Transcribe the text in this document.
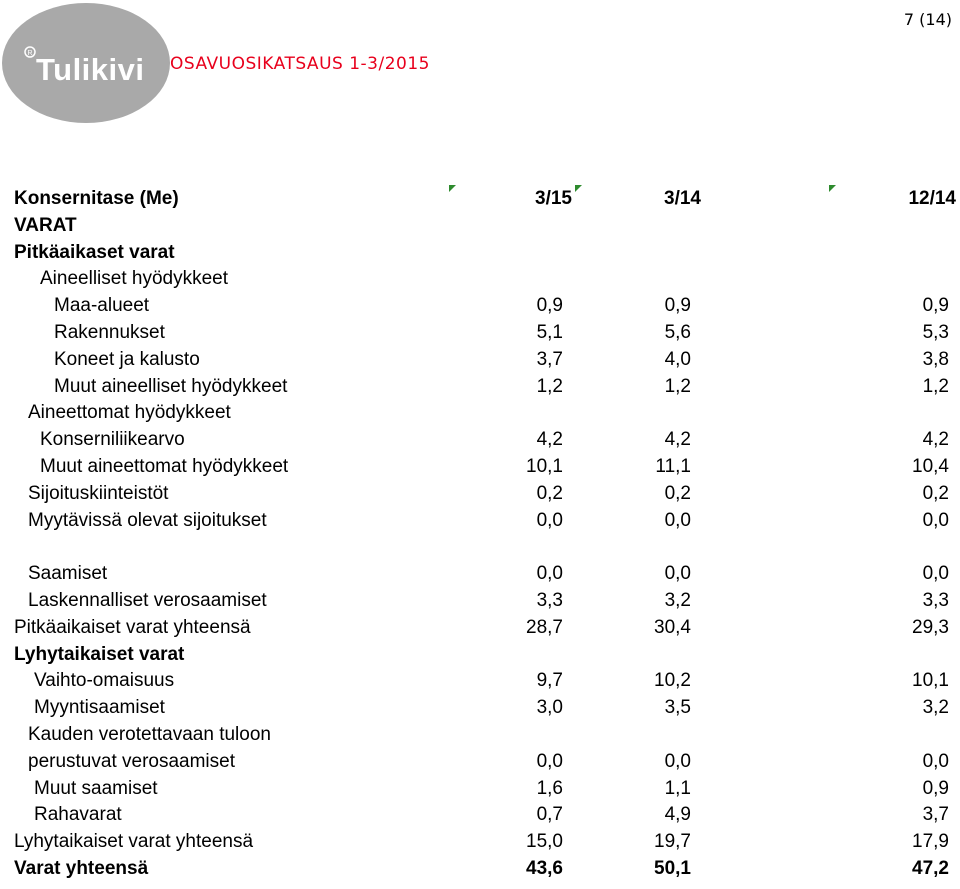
R Tulikivi OSAVUOSIKATSAUS 1-3/2015
7 (14)
Konsernitase (Me)	3/15	3/14	12/14
VARAT
Pitkäaikaset varat
Aineelliset hyödykkeet
Maa-alueet	0,9	0,9	0,9
Rakennukset	5,1	5,6	5,3
Koneet ja kalusto	3,7	4,0	3,8
Muut aineelliset hyödykkeet	1,2	1,2	1,2
Aineettomat hyödykkeet
Konserniliikearvo	4,2	4,2	4,2
Muut aineettomat hyödykkeet	10,1	11,1	10,4
Sijoituskiinteistöt	0,2	0,2	0,2
Myytävissä olevat sijoitukset	0,0	0,0	0,0
Saamiset	0,0	0,0	0,0
Laskennalliset verosaamiset	3,3	3,2	3,3
Pitkäaikaiset varat yhteensä	28,7	30,4	29,3
Lyhytaikaiset varat
Vaihto-omaisuus	9,7	10,2	10,1
Myyntisaamiset	3,0	3,5	3,2
Kauden verotettavaan tuloon
perustuvat verosaamiset	0,0	0,0	0,0
Muut saamiset	1,6	1,1	0,9
Rahavarat	0,7	4,9	3,7
Lyhytaikaiset varat yhteensä	15,0	19,7	17,9
Varat yhteensä	43,6	50,1	47,2
